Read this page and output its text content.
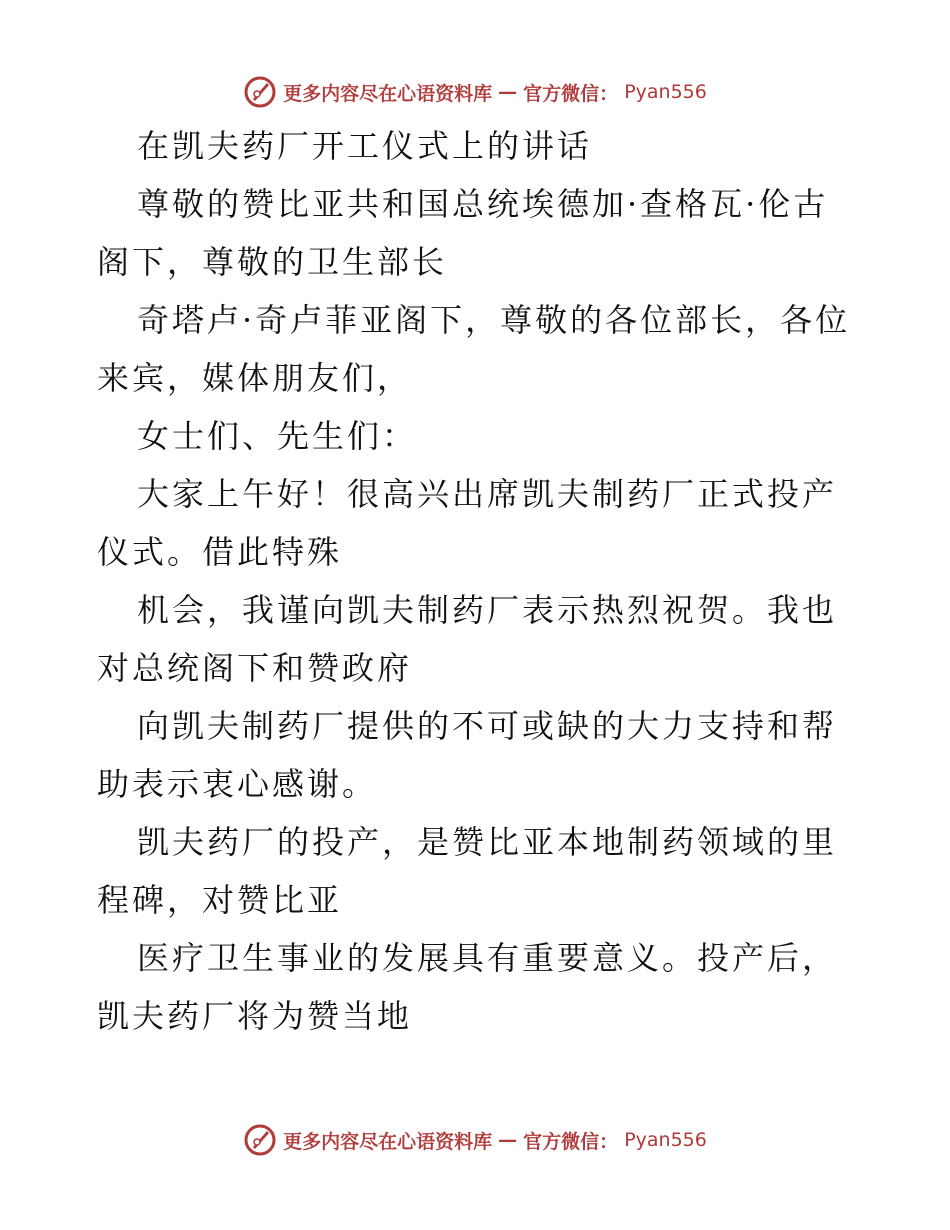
更多内容尽在心语资料库 — 官方微信： Pyan556

在凯夫药厂开工仪式上的讲话

尊敬的赞比亚共和国总统埃德加·查格瓦·伦古阁下，尊敬的卫生部长

奇塔卢·奇卢菲亚阁下，尊敬的各位部长，各位来宾，媒体朋友们，

女士们、先生们：

大家上午好！很高兴出席凯夫制药厂正式投产仪式。借此特殊

机会，我谨向凯夫制药厂表示热烈祝贺。我也对总统阁下和赞政府

向凯夫制药厂提供的不可或缺的大力支持和帮助表示衷心感谢。

凯夫药厂的投产，是赞比亚本地制药领域的里程碑，对赞比亚

医疗卫生事业的发展具有重要意义。投产后，凯夫药厂将为赞当地

更多内容尽在心语资料库 — 官方微信： Pyan556
